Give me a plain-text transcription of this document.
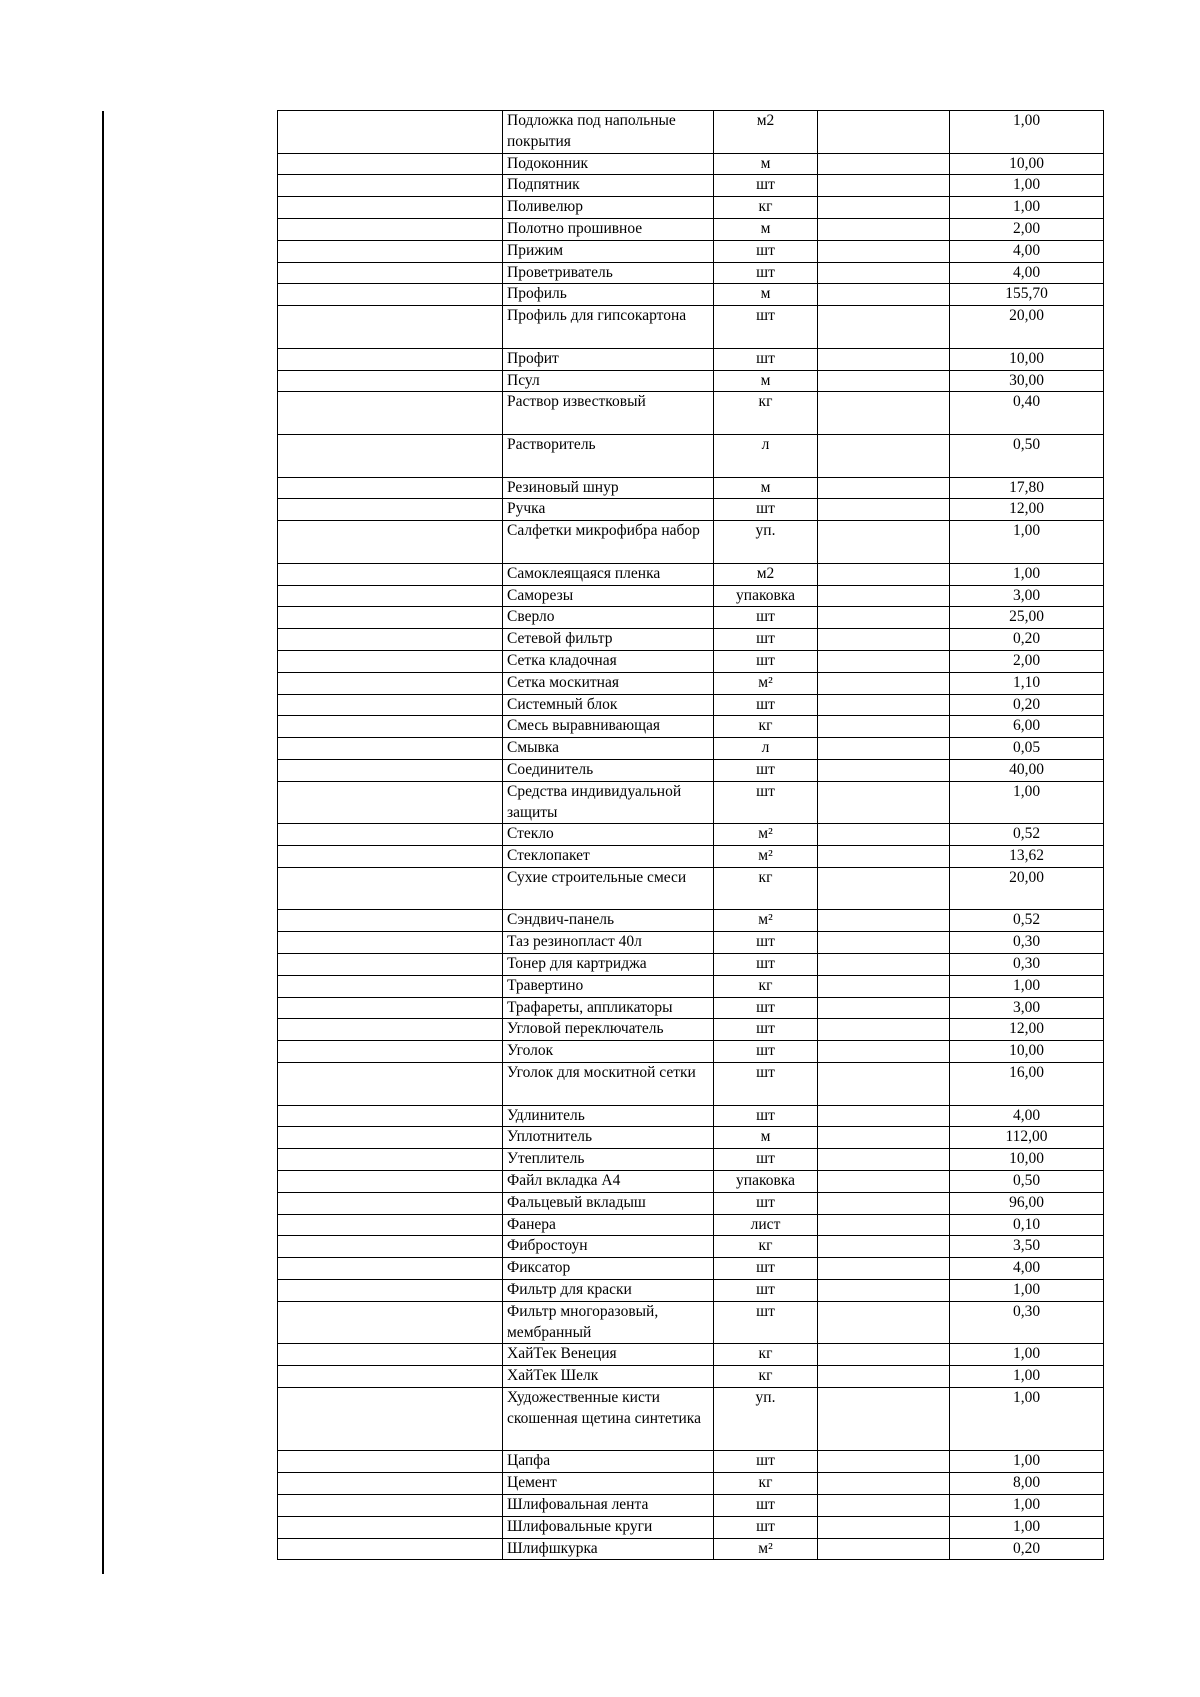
	Подложка под напольные покрытия	м2		1,00
	Подоконник	м		10,00
	Подпятник	шт		1,00
	Поливелюр	кг		1,00
	Полотно прошивное	м		2,00
	Прижим	шт		4,00
	Проветриватель	шт		4,00
	Профиль	м		155,70
	Профиль для гипсокартона	шт		20,00
	Профит	шт		10,00
	Псул	м		30,00
	Раствор известковый	кг		0,40
	Растворитель	л		0,50
	Резиновый шнур	м		17,80
	Ручка	шт		12,00
	Салфетки микрофибра набор	уп.		1,00
	Самоклеящаяся пленка	м2		1,00
	Саморезы	упаковка		3,00
	Сверло	шт		25,00
	Сетевой фильтр	шт		0,20
	Сетка кладочная	шт		2,00
	Сетка москитная	м²		1,10
	Системный блок	шт		0,20
	Смесь выравнивающая	кг		6,00
	Смывка	л		0,05
	Соединитель	шт		40,00
	Средства индивидуальной защиты	шт		1,00
	Стекло	м²		0,52
	Стеклопакет	м²		13,62
	Сухие строительные смеси	кг		20,00
	Сэндвич-панель	м²		0,52
	Таз резинопласт 40л	шт		0,30
	Тонер для картриджа	шт		0,30
	Травертино	кг		1,00
	Трафареты, аппликаторы	шт		3,00
	Угловой переключатель	шт		12,00
	Уголок	шт		10,00
	Уголок для москитной сетки	шт		16,00
	Удлинитель	шт		4,00
	Уплотнитель	м		112,00
	Утеплитель	шт		10,00
	Файл вкладка А4	упаковка		0,50
	Фальцевый вкладыш	шт		96,00
	Фанера	лист		0,10
	Фиброcтоун	кг		3,50
	Фиксатор	шт		4,00
	Фильтр для краски	шт		1,00
	Фильтр многоразовый, мембранный	шт		0,30
	ХайТек Венеция	кг		1,00
	ХайТек Шелк	кг		1,00
	Художественные кисти скошенная щетина синтетика	уп.		1,00
	Цапфа	шт		1,00
	Цемент	кг		8,00
	Шлифовальная лента	шт		1,00
	Шлифовальные круги	шт		1,00
	Шлифшкурка	м²		0,20
